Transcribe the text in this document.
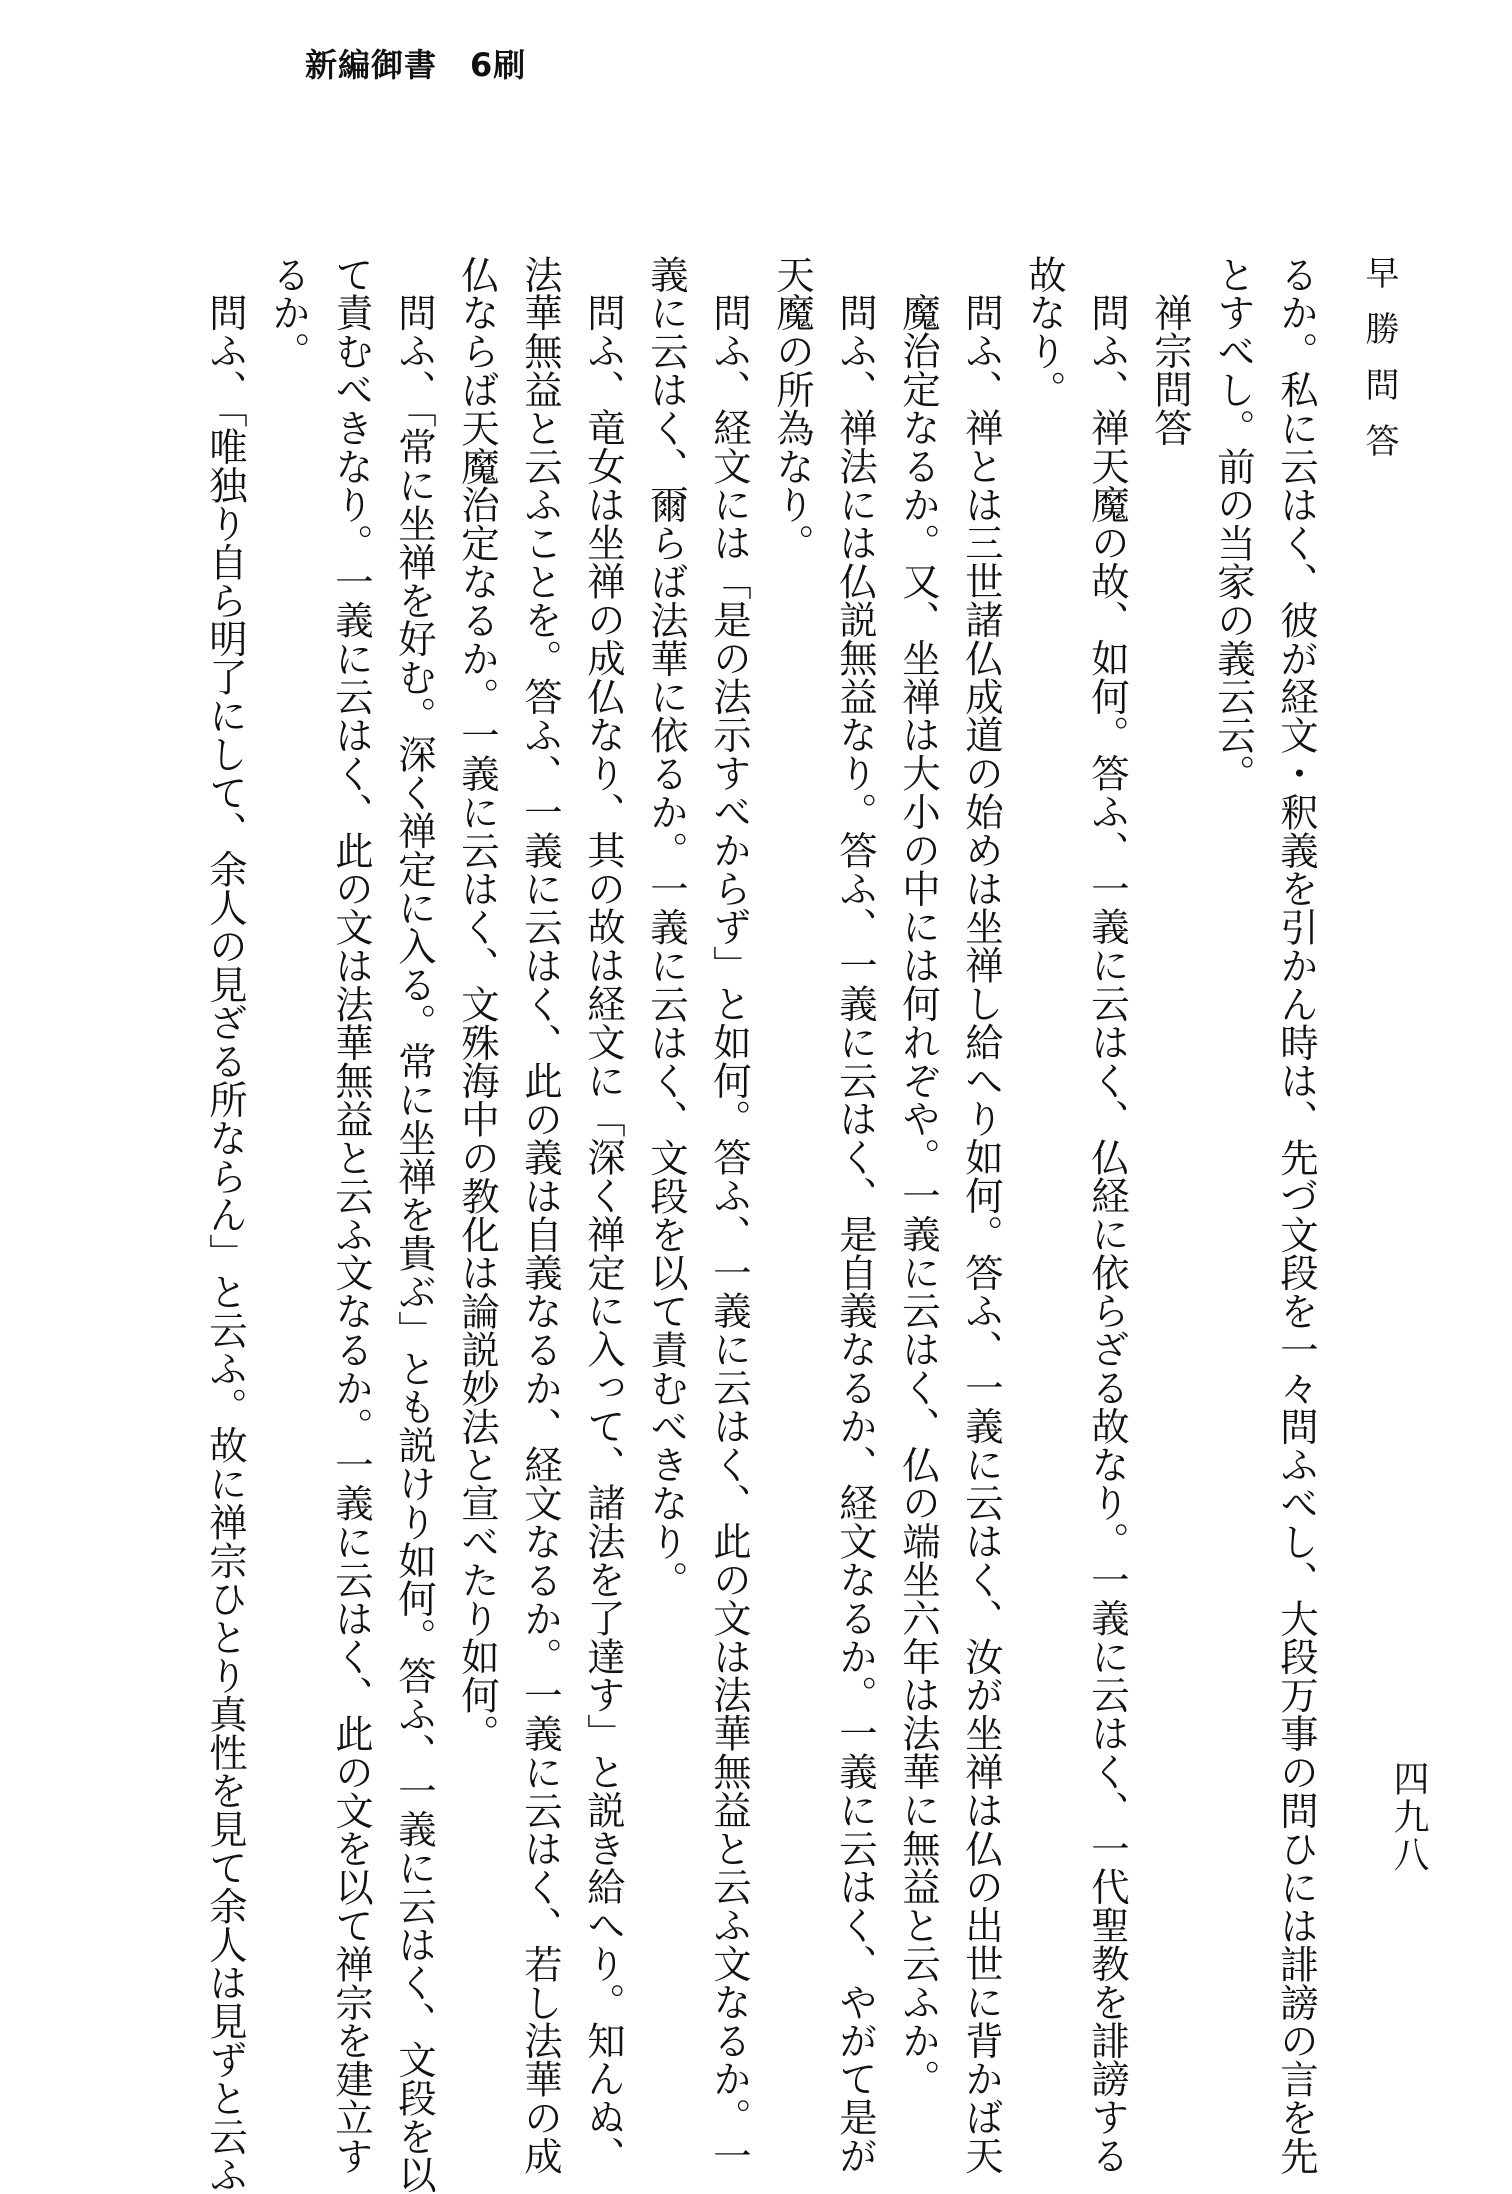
新編御書　6刷
早勝問答
四九八
るか。私に云はく、彼が経文・釈義を引かん時は、先づ文段を一々問ふべし、大段万事の問ひには誹謗の言を先
とすべし。前の当家の義云云。
禅宗問答
問ふ、禅天魔の故、如何。答ふ、一義に云はく、仏経に依らざる故なり。一義に云はく、一代聖教を誹謗する
故なり。
問ふ、禅とは三世諸仏成道の始めは坐禅し給へり如何。答ふ、一義に云はく、汝が坐禅は仏の出世に背かば天
魔治定なるか。又、坐禅は大小の中には何れぞや。一義に云はく、仏の端坐六年は法華に無益と云ふか。
問ふ、禅法には仏説無益なり。答ふ、一義に云はく、是自義なるか、経文なるか。一義に云はく、やがて是が
天魔の所為なり。
問ふ、経文には「是の法示すべからず」と如何。答ふ、一義に云はく、此の文は法華無益と云ふ文なるか。一
義に云はく、爾らば法華に依るか。一義に云はく、文段を以て責むべきなり。
問ふ、竜女は坐禅の成仏なり、其の故は経文に「深く禅定に入って、諸法を了達す」と説き給へり。知んぬ、
法華無益と云ふことを。答ふ、一義に云はく、此の義は自義なるか、経文なるか。一義に云はく、若し法華の成
仏ならば天魔治定なるか。一義に云はく、文殊海中の教化は論説妙法と宣べたり如何。
問ふ、「常に坐禅を好む。深く禅定に入る。常に坐禅を貴ぶ」とも説けり如何。答ふ、一義に云はく、文段を以
て責むべきなり。一義に云はく、此の文は法華無益と云ふ文なるか。一義に云はく、此の文を以て禅宗を建立す
るか。
問ふ、「唯独り自ら明了にして、余人の見ざる所ならん」と云ふ。故に禅宗ひとり真性を見て余人は見ずと云ふ
